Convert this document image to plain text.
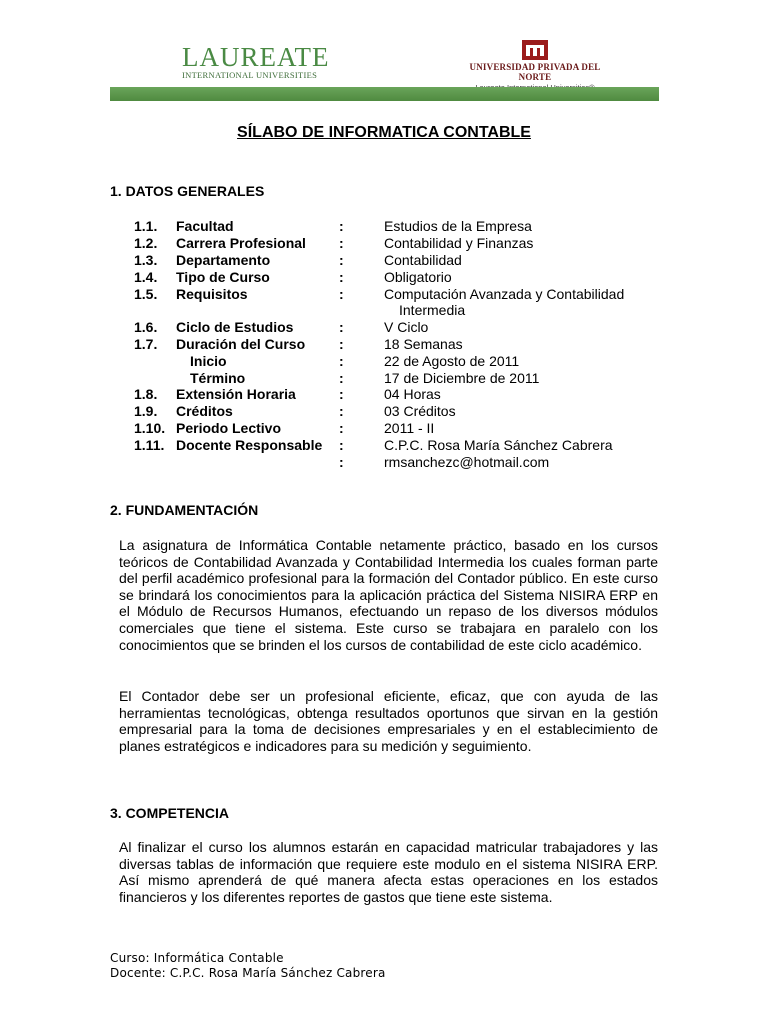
LAUREATE
INTERNATIONAL UNIVERSITIES
UNIVERSIDAD PRIVADA DEL NORTE
SÍLABO DE INFORMATICA CONTABLE
1. DATOS GENERALES
1.1. Facultad	:	Estudios de la Empresa
1.2. Carrera Profesional :	Contabilidad y Finanzas
1.3. Departamento	:	Contabilidad
1.4. Tipo de Curso	:	Obligatorio
1.5. Requisitos	:	Computación Avanzada y Contabilidad
Intermedia
1.6. Ciclo de Estudios	:	V Ciclo
1.7. Duración del Curso :	18 Semanas
Inicio	:	22 de Agosto de 2011
Término	:	17 de Diciembre de 2011
1.8. Extensión Horaria	:	04 Horas
1.9. Créditos	:	03 Créditos
1.10. Periodo Lectivo	:	2011 - II
1.11. Docente Responsable :	C.P.C. Rosa María Sánchez Cabrera
:	rmsanchezc@hotmail.com
2. FUNDAMENTACIÓN
La asignatura de Informática Contable netamente práctico, basado en los cursos teóricos de Contabilidad Avanzada y Contabilidad Intermedia los cuales forman parte del perfil académico profesional para la formación del Contador público. En este curso se brindará los conocimientos para la aplicación práctica del Sistema NISIRA ERP en el Módulo de Recursos Humanos, efectuando un repaso de los diversos módulos comerciales que tiene el sistema. Este curso se trabajara en paralelo con los conocimientos que se brinden el los cursos de contabilidad de este ciclo académico.
El Contador debe ser un profesional eficiente, eficaz, que con ayuda de las herramientas tecnológicas, obtenga resultados oportunos que sirvan en la gestión empresarial para la toma de decisiones empresariales y en el establecimiento de planes estratégicos e indicadores para su medición y seguimiento.
3. COMPETENCIA
Al finalizar el curso los alumnos estarán en capacidad matricular trabajadores y las diversas tablas de información que requiere este modulo en el sistema NISIRA ERP. Así mismo aprenderá de qué manera afecta estas operaciones en los estados financieros y los diferentes reportes de gastos que tiene este sistema.
Curso: Informática Contable
Docente: C.P.C. Rosa María Sánchez Cabrera
